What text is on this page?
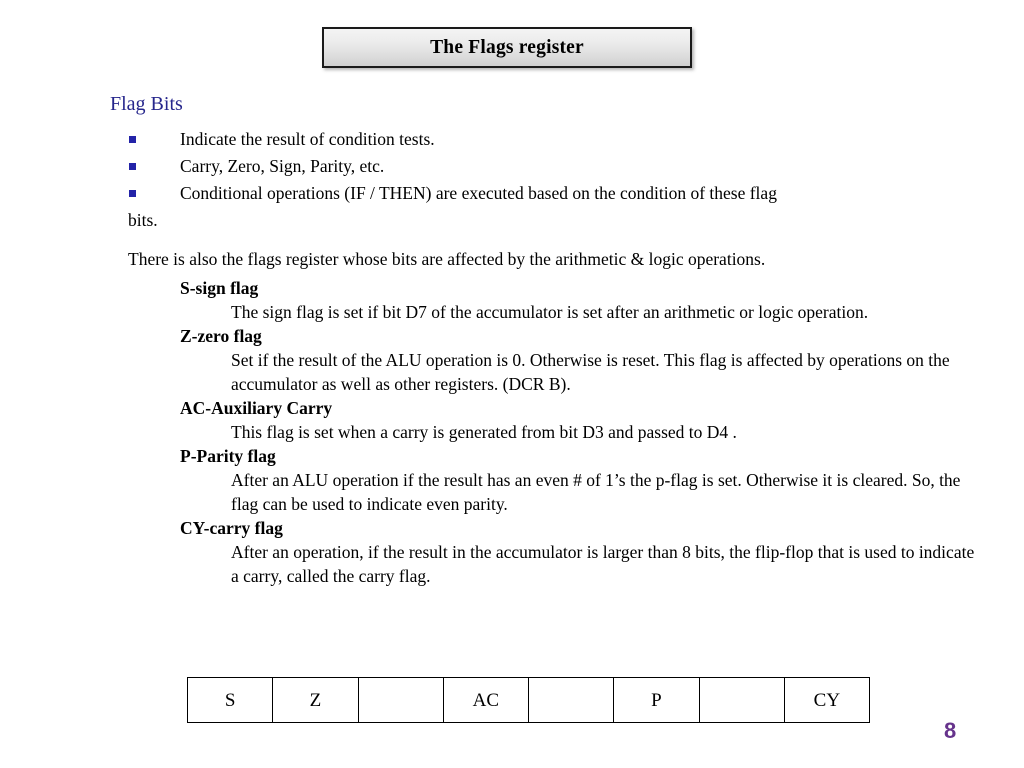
The Flags register
Flag Bits
Indicate the result of condition tests.
Carry, Zero, Sign, Parity, etc.
Conditional operations (IF / THEN) are executed based on the condition of these flag
bits.
There is also the flags register whose bits are affected by the arithmetic & logic operations.

S-sign flag

The sign flag is set if bit D7 of the accumulator is set after an arithmetic or logic operation.

Z-zero flag

Set if the result of the ALU operation is 0. Otherwise is reset. This flag is affected by operations on the accumulator as well as other registers. (DCR B).

AC-Auxiliary Carry

This flag is set when a carry is generated from bit D3 and passed to D4 .

P-Parity flag

After an ALU operation if the result has an even # of 1’s the p-flag is set. Otherwise it is cleared. So, the flag can be used to indicate even parity.

CY-carry flag

After an operation, if the result in the accumulator is larger than 8 bits, the flip-flop that is used to indicate a carry, called the carry flag.

S	Z		AC		P		CY
8
